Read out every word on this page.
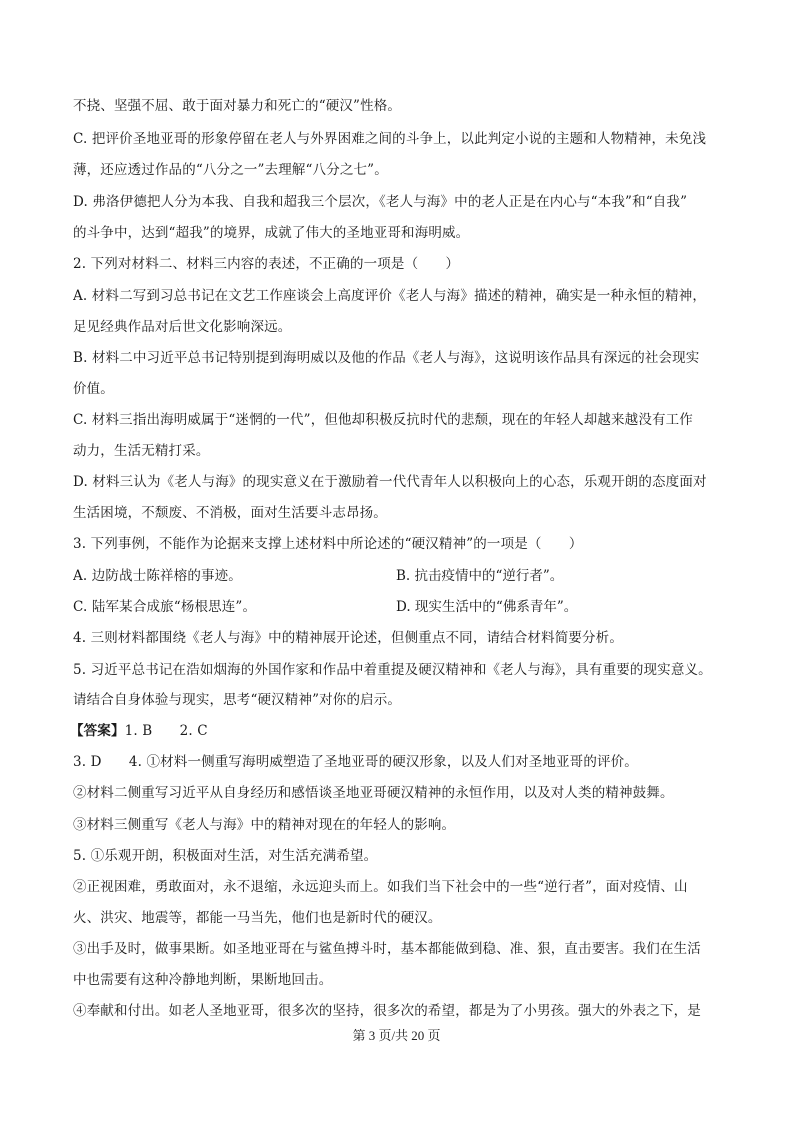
不挠、坚强不屈、敢于面对暴力和死亡的“硬汉”性格。
C. 把评价圣地亚哥的形象停留在老人与外界困难之间的斗争上，以此判定小说的主题和人物精神，未免浅
薄，还应透过作品的“八分之一”去理解“八分之七”。
D. 弗洛伊德把人分为本我、自我和超我三个层次，《老人与海》中的老人正是在内心与“本我”和“自我”
的斗争中，达到“超我”的境界，成就了伟大的圣地亚哥和海明威。
2. 下列对材料二、材料三内容的表述，不正确的一项是（　　）
A. 材料二写到习总书记在文艺工作座谈会上高度评价《老人与海》描述的精神，确实是一种永恒的精神，
足见经典作品对后世文化影响深远。
B. 材料二中习近平总书记特别提到海明威以及他的作品《老人与海》，这说明该作品具有深远的社会现实
价值。
C. 材料三指出海明威属于“迷惘的一代”，但他却积极反抗时代的悲颓，现在的年轻人却越来越没有工作
动力，生活无精打采。
D. 材料三认为《老人与海》的现实意义在于激励着一代代青年人以积极向上的心态，乐观开朗的态度面对
生活困境，不颓废、不消极，面对生活要斗志昂扬。
3. 下列事例，不能作为论据来支撑上述材料中所论述的“硬汉精神”的一项是（　　）
A. 边防战士陈祥榕的事迹。	B. 抗击疫情中的“逆行者”。
C. 陆军某合成旅“杨根思连”。	D. 现实生活中的“佛系青年”。
4. 三则材料都围绕《老人与海》中的精神展开论述，但侧重点不同，请结合材料简要分析。
5. 习近平总书记在浩如烟海的外国作家和作品中着重提及硬汉精神和《老人与海》，具有重要的现实意义。
请结合自身体验与现实，思考“硬汉精神”对你的启示。
【答案】1. B　　2. C
3. D　　4. ①材料一侧重写海明威塑造了圣地亚哥的硬汉形象，以及人们对圣地亚哥的评价。
②材料二侧重写习近平从自身经历和感悟谈圣地亚哥硬汉精神的永恒作用，以及对人类的精神鼓舞。
③材料三侧重写《老人与海》中的精神对现在的年轻人的影响。
5. ①乐观开朗，积极面对生活，对生活充满希望。
②正视困难，勇敢面对，永不退缩，永远迎头而上。如我们当下社会中的一些“逆行者”，面对疫情、山
火、洪灾、地震等，都能一马当先，他们也是新时代的硬汉。
③出手及时，做事果断。如圣地亚哥在与鲨鱼搏斗时，基本都能做到稳、准、狠，直击要害。我们在生活
中也需要有这种冷静地判断，果断地回击。
④奉献和付出。如老人圣地亚哥，很多次的坚持，很多次的希望，都是为了小男孩。强大的外表之下，是
第 3 页/共 20 页
